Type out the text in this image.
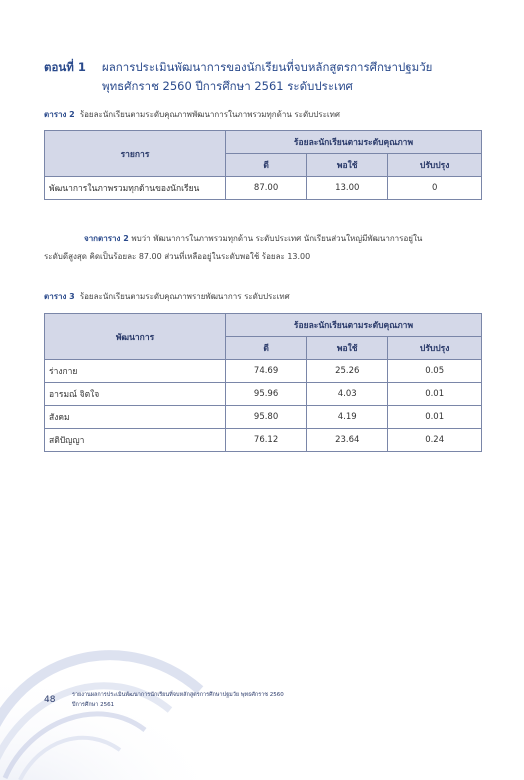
ตอนที่ 1 ผลการประเมินพัฒนาการของนักเรียนที่จบหลักสูตรการศึกษาปฐมวัย
พุทธศักราช 2560 ปีการศึกษา 2561 ระดับประเทศ
ตาราง 2 ร้อยละนักเรียนตามระดับคุณภาพพัฒนาการในภาพรวมทุกด้าน ระดับประเทศ
รายการ	ร้อยละนักเรียนตามระดับคุณภาพ		
	ดี	พอใช้	ปรับปรุง
พัฒนาการในภาพรวมทุกด้านของนักเรียน	87.00	13.00	0
จากตาราง 2 พบว่า พัฒนาการในภาพรวมทุกด้าน ระดับประเทศ นักเรียนส่วนใหญ่มีพัฒนาการอยู่ใน
ระดับดีสูงสุด คิดเป็นร้อยละ 87.00 ส่วนที่เหลืออยู่ในระดับพอใช้ ร้อยละ 13.00
ตาราง 3 ร้อยละนักเรียนตามระดับคุณภาพรายพัฒนาการ ระดับประเทศ
พัฒนาการ	ร้อยละนักเรียนตามระดับคุณภาพ		
	ดี	พอใช้	ปรับปรุง
ร่างกาย	74.69	25.26	0.05
อารมณ์ จิตใจ	95.96	4.03	0.01
สังคม	95.80	4.19	0.01
สติปัญญา	76.12	23.64	0.24
48	รายงานผลการประเมินพัฒนาการนักเรียนที่จบหลักสูตรการศึกษาปฐมวัย พุทธศักราช 2560
ปีการศึกษา 2561
